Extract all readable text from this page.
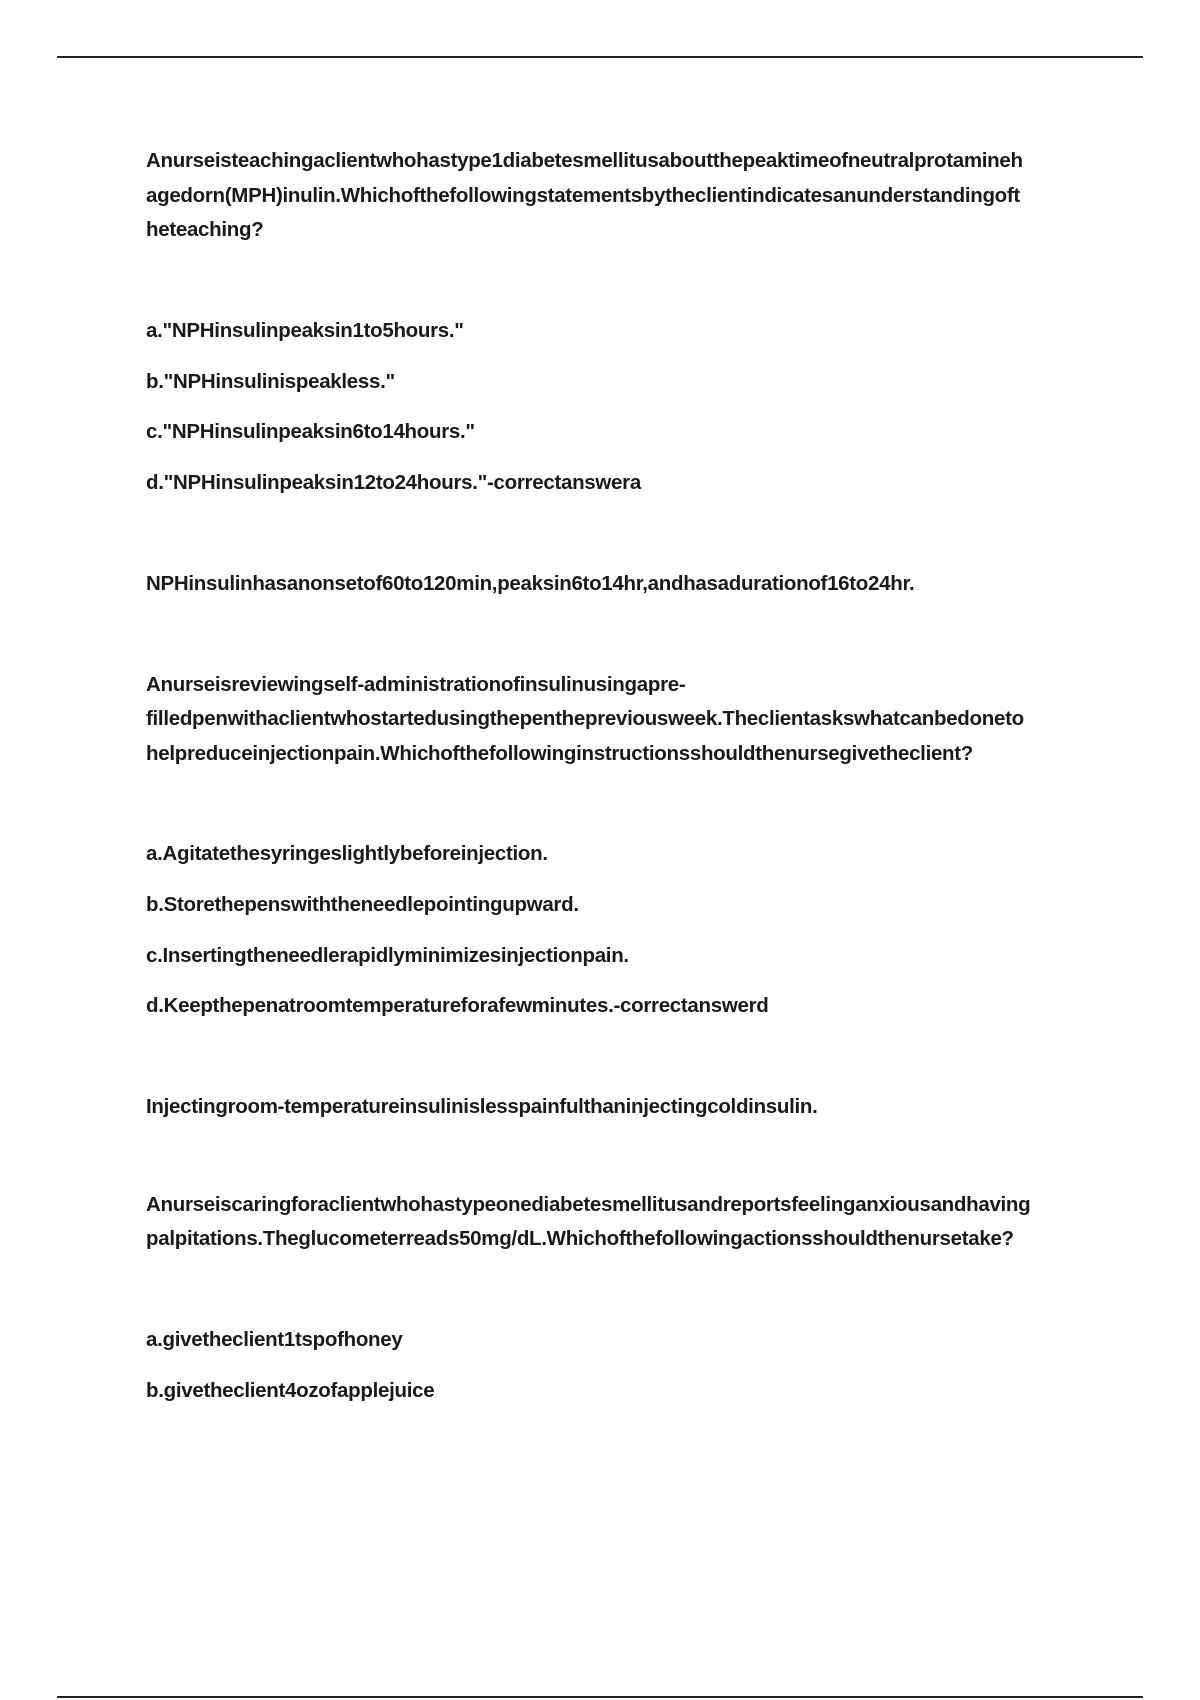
Anurseisteachingaclientwhohastype1diabetesmellitusaboutthepeaktimeofneutralprotamineh
agedorn(MPH)inulin.Whichofthefollowingstatementsbytheclientindicatesanunderstandingoft
heteaching?
a."NPHinsulinpeaksin1to5hours."
b."NPHinsulinispeakless."
c."NPHinsulinpeaksin6to14hours."
d."NPHinsulinpeaksin12to24hours."-correctanswera
NPHinsulinhasanonsetof60to120min,peaksin6to14hr,andhasadurationof16to24hr.
Anurseisreviewingself-administrationofinsulinusingapre-
filledpenwithaclientwhostartedusingthepenthepreviousweek.Theclientaskswhatcanbedoneto
helpreduceinjectionpain.Whichofthefollowinginstructionsshouldthenursegivetheclient?
a.Agitatethesyringeslightlybeforeinjection.
b.Storethepenswiththeneedlepointingupward.
c.Insertingtheneedlerapidlyminimizesinjectionpain.
d.Keepthepenatroomtemperatureforafewminutes.-correctanswerd
Injectingroom-temperatureinsulinislesspainfulthaninjectingcoldinsulin.
Anurseiscaringforaclientwhohastypeonediabetesmellitusandreportsfeelinganxiousandhaving
palpitations.Theglucometerreads50mg/dL.Whichofthefollowingactionsshouldthenursetake?
a.givetheclient1tspofhoney
b.givetheclient4ozofapplejuice
